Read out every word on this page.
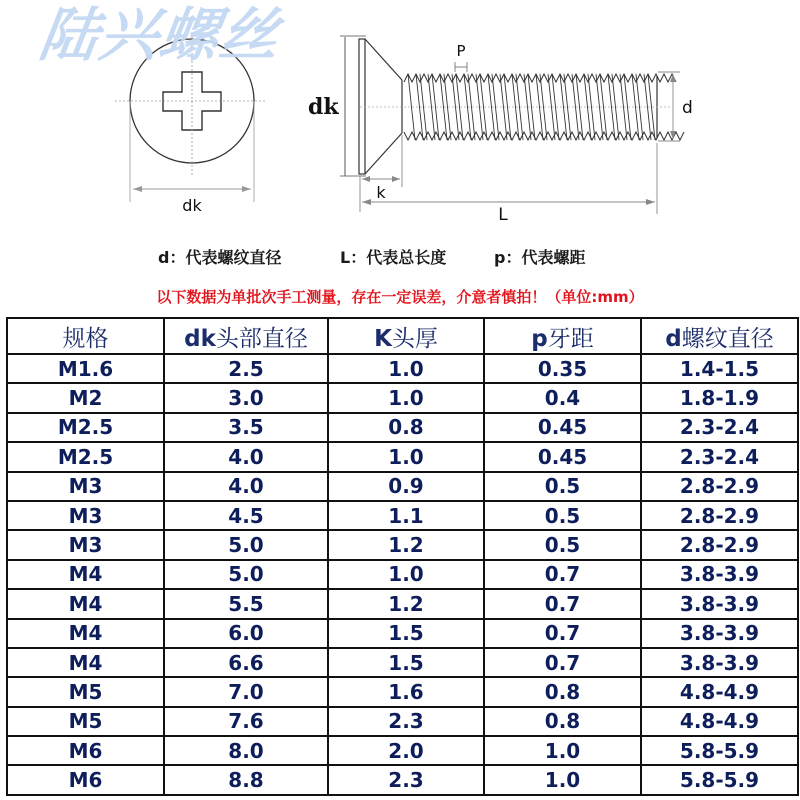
dk
dk
P
d
k
L
陆兴螺丝
d：代表螺纹直径	L：代表总长度	p：代表螺距
以下数据为单批次手工测量，存在一定误差，介意者慎拍！（单位:mm）
规格	dk头部直径	K头厚	p牙距	d螺纹直径
M1.6	2.5	1.0	0.35	1.4-1.5
M2	3.0	1.0	0.4	1.8-1.9
M2.5	3.5	0.8	0.45	2.3-2.4
M2.5	4.0	1.0	0.45	2.3-2.4
M3	4.0	0.9	0.5	2.8-2.9
M3	4.5	1.1	0.5	2.8-2.9
M3	5.0	1.2	0.5	2.8-2.9
M4	5.0	1.0	0.7	3.8-3.9
M4	5.5	1.2	0.7	3.8-3.9
M4	6.0	1.5	0.7	3.8-3.9
M4	6.6	1.5	0.7	3.8-3.9
M5	7.0	1.6	0.8	4.8-4.9
M5	7.6	2.3	0.8	4.8-4.9
M6	8.0	2.0	1.0	5.8-5.9
M6	8.8	2.3	1.0	5.8-5.9
